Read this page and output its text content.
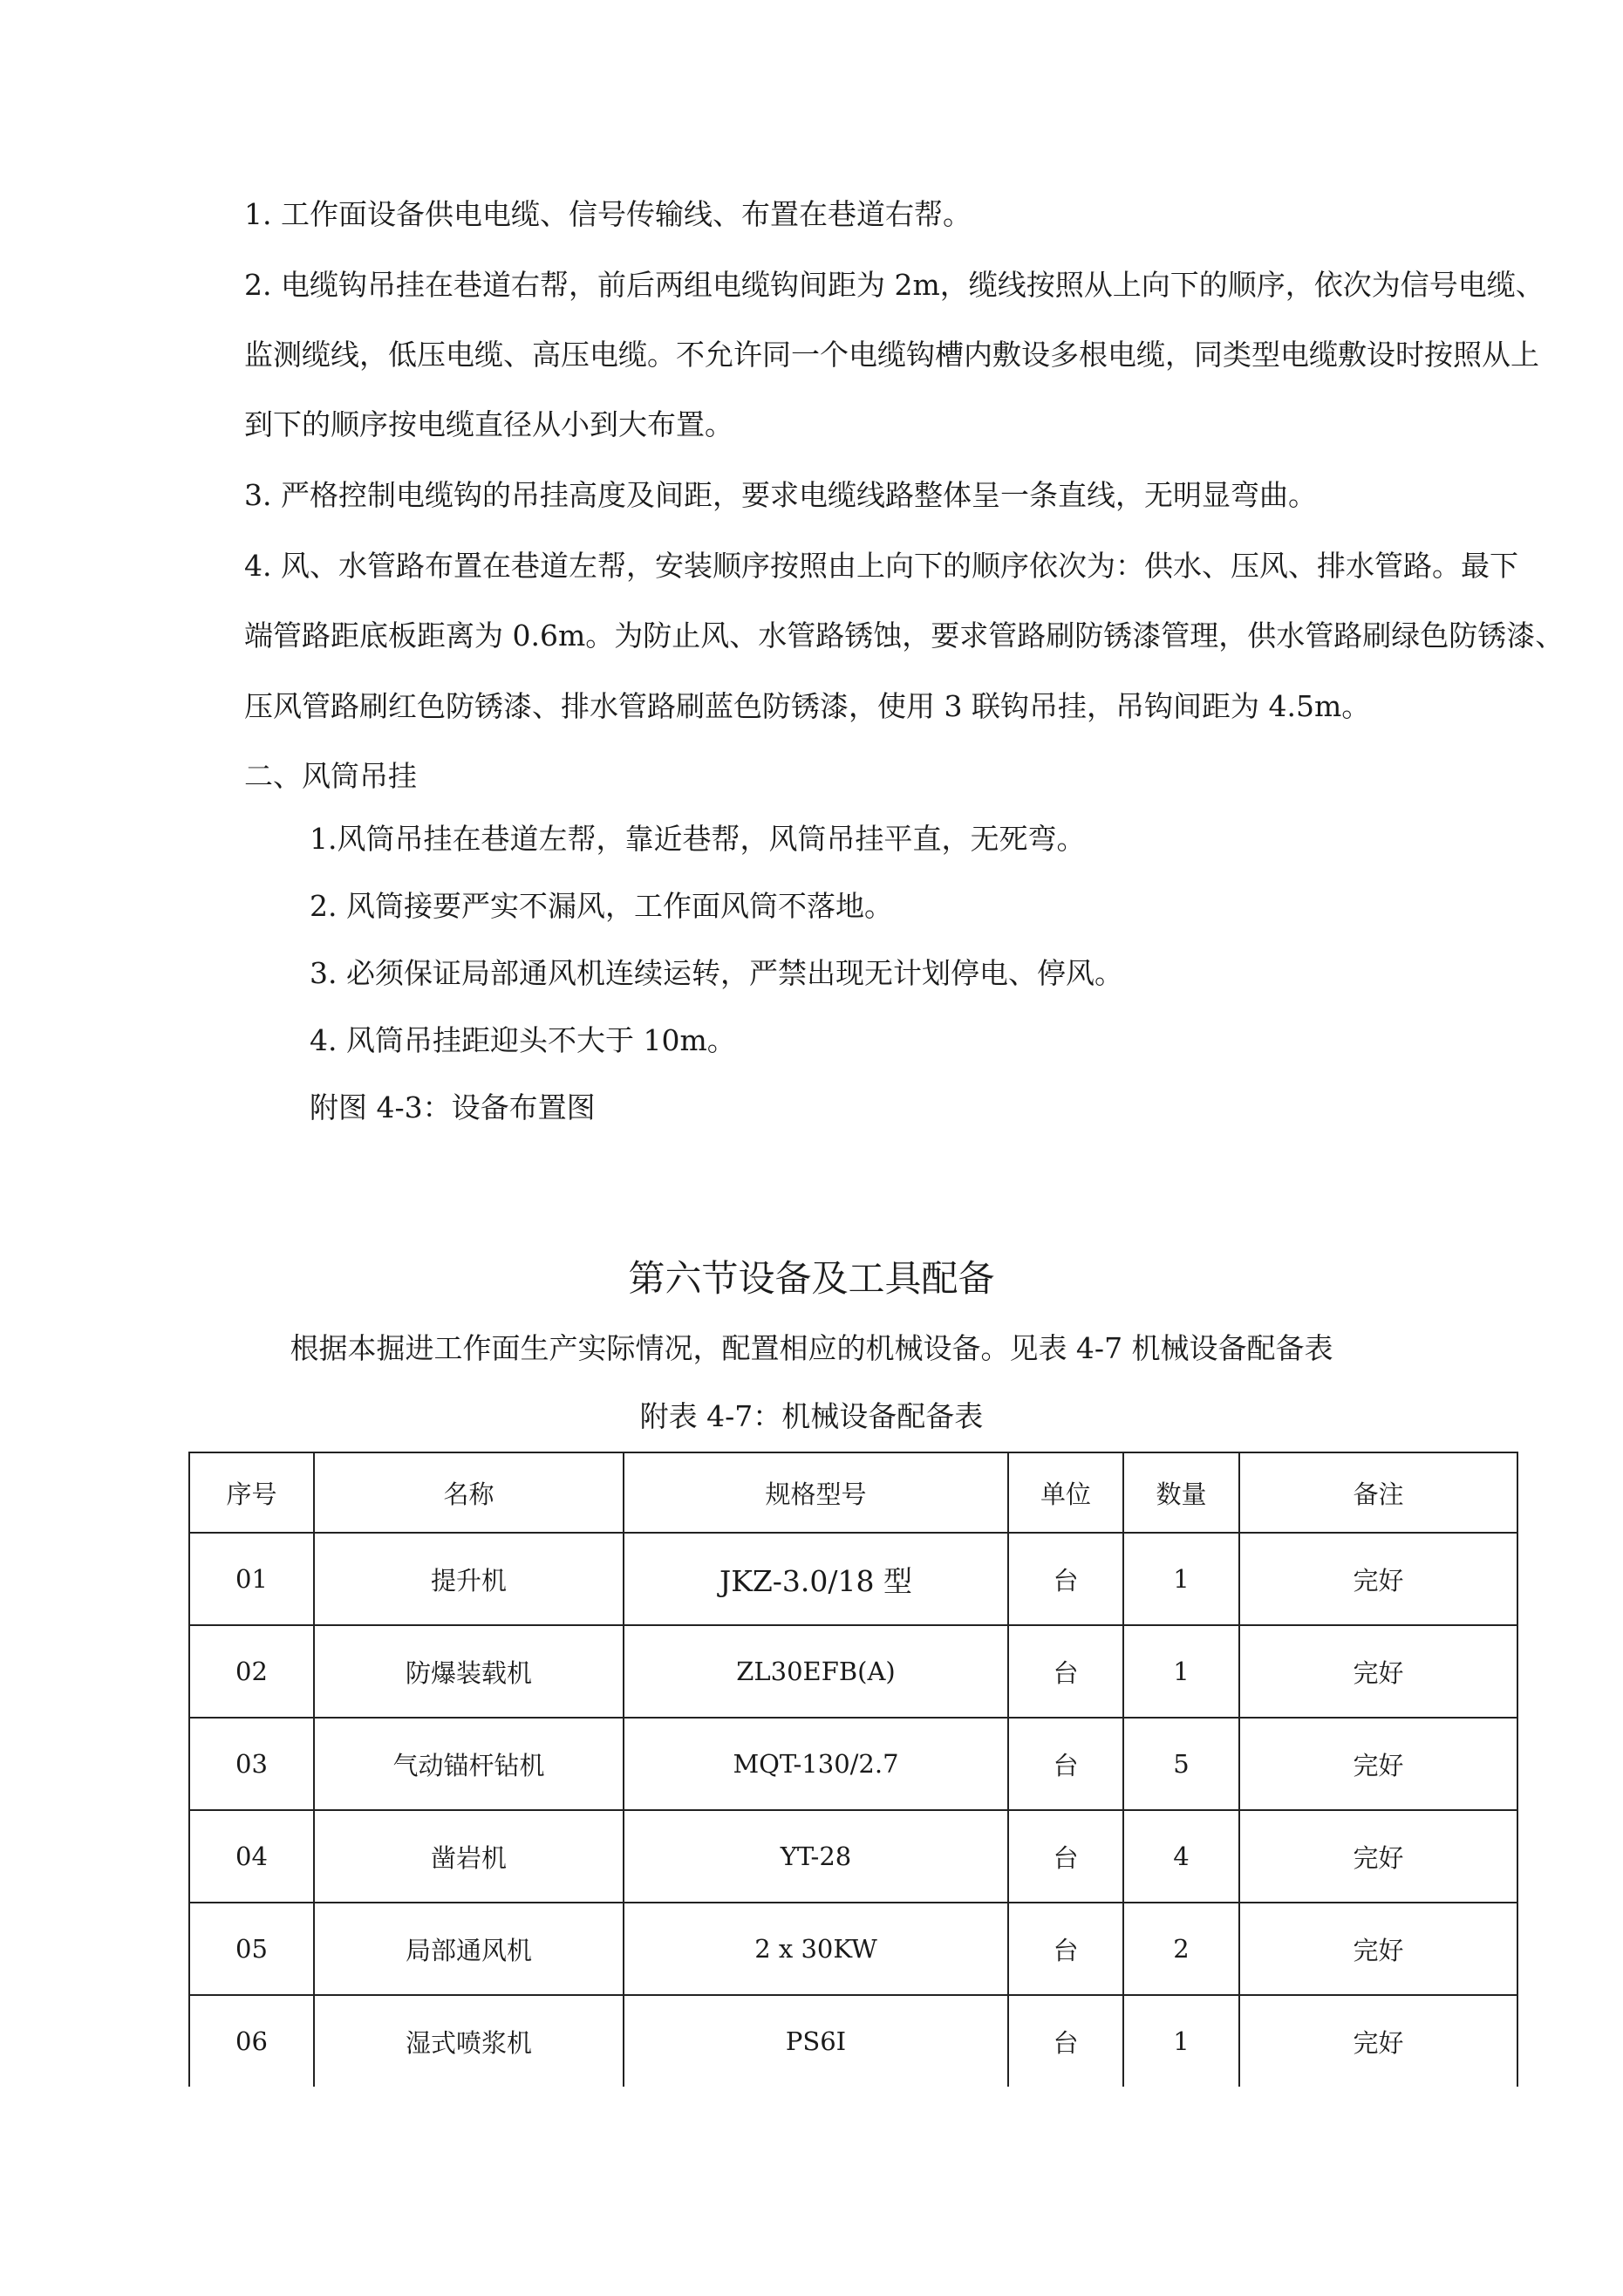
1. 工作面设备供电电缆、信号传输线、布置在巷道右帮。
2. 电缆钩吊挂在巷道右帮，前后两组电缆钩间距为 2m，缆线按照从上向下的顺序，依次为信号电缆、
监测缆线，低压电缆、高压电缆。不允许同一个电缆钩槽内敷设多根电缆，同类型电缆敷设时按照从上
到下的顺序按电缆直径从小到大布置。
3. 严格控制电缆钩的吊挂高度及间距，要求电缆线路整体呈一条直线，无明显弯曲。
4. 风、水管路布置在巷道左帮，安装顺序按照由上向下的顺序依次为：供水、压风、排水管路。最下
端管路距底板距离为 0.6m。为防止风、水管路锈蚀，要求管路刷防锈漆管理，供水管路刷绿色防锈漆、
压风管路刷红色防锈漆、排水管路刷蓝色防锈漆，使用 3 联钩吊挂，吊钩间距为 4.5m。
二、风筒吊挂
1.风筒吊挂在巷道左帮，靠近巷帮，风筒吊挂平直，无死弯。
2. 风筒接要严实不漏风，工作面风筒不落地。
3. 必须保证局部通风机连续运转，严禁出现无计划停电、停风。
4. 风筒吊挂距迎头不大于 10m。
附图 4-3：设备布置图
第六节设备及工具配备
根据本掘进工作面生产实际情况，配置相应的机械设备。见表 4-7 机械设备配备表
附表 4-7：机械设备配备表
序号	名称	规格型号	单位	数量	备注
01	提升机	JKZ-3.0/18 型	台	1	完好
02	防爆装载机	ZL30EFB(A)	台	1	完好
03	气动锚杆钻机	MQT-130/2.7	台	5	完好
04	凿岩机	YT-28	台	4	完好
05	局部通风机	2 x 30KW	台	2	完好
06	湿式喷浆机	PS6I	台	1	完好
